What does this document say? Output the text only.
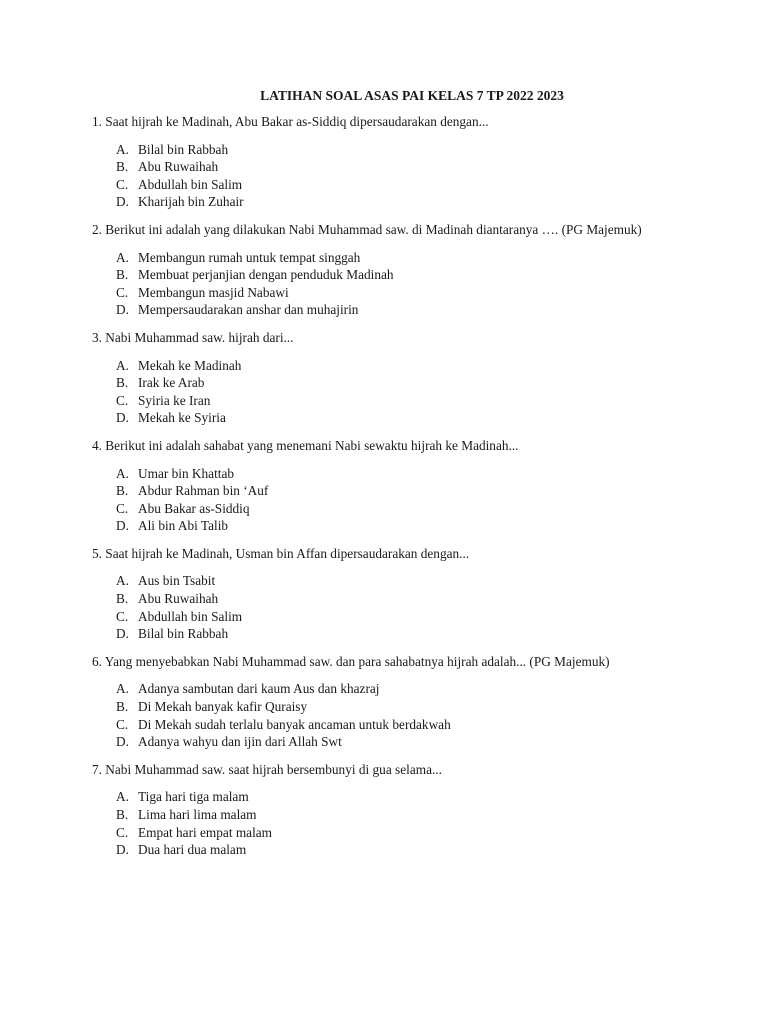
LATIHAN SOAL ASAS PAI KELAS 7 TP 2022 2023

1. Saat hijrah ke Madinah, Abu Bakar as-Siddiq dipersaudarakan dengan...

A. Bilal bin Rabbah
B. Abu Ruwaihah
C. Abdullah bin Salim
D. Kharijah bin Zuhair

2. Berikut ini adalah yang dilakukan Nabi Muhammad saw. di Madinah diantaranya …. (PG Majemuk)

A. Membangun rumah untuk tempat singgah
B. Membuat perjanjian dengan penduduk Madinah
C. Membangun masjid Nabawi
D. Mempersaudarakan anshar dan muhajirin

3. Nabi Muhammad saw. hijrah dari...

A. Mekah ke Madinah
B. Irak ke Arab
C. Syiria ke Iran
D. Mekah ke Syiria

4. Berikut ini adalah sahabat yang menemani Nabi sewaktu hijrah ke Madinah...

A. Umar bin Khattab
B. Abdur Rahman bin ‘Auf
C. Abu Bakar as-Siddiq
D. Ali bin Abi Talib

5. Saat hijrah ke Madinah, Usman bin Affan dipersaudarakan dengan...

A. Aus bin Tsabit
B. Abu Ruwaihah
C. Abdullah bin Salim
D. Bilal bin Rabbah

6. Yang menyebabkan Nabi Muhammad saw. dan para sahabatnya hijrah adalah... (PG Majemuk)

A. Adanya sambutan dari kaum Aus dan khazraj
B. Di Mekah banyak kafir Quraisy
C. Di Mekah sudah terlalu banyak ancaman untuk berdakwah
D. Adanya wahyu dan ijin dari Allah Swt

7. Nabi Muhammad saw. saat hijrah bersembunyi di gua selama...

A. Tiga hari tiga malam
B. Lima hari lima malam
C. Empat hari empat malam
D. Dua hari dua malam
